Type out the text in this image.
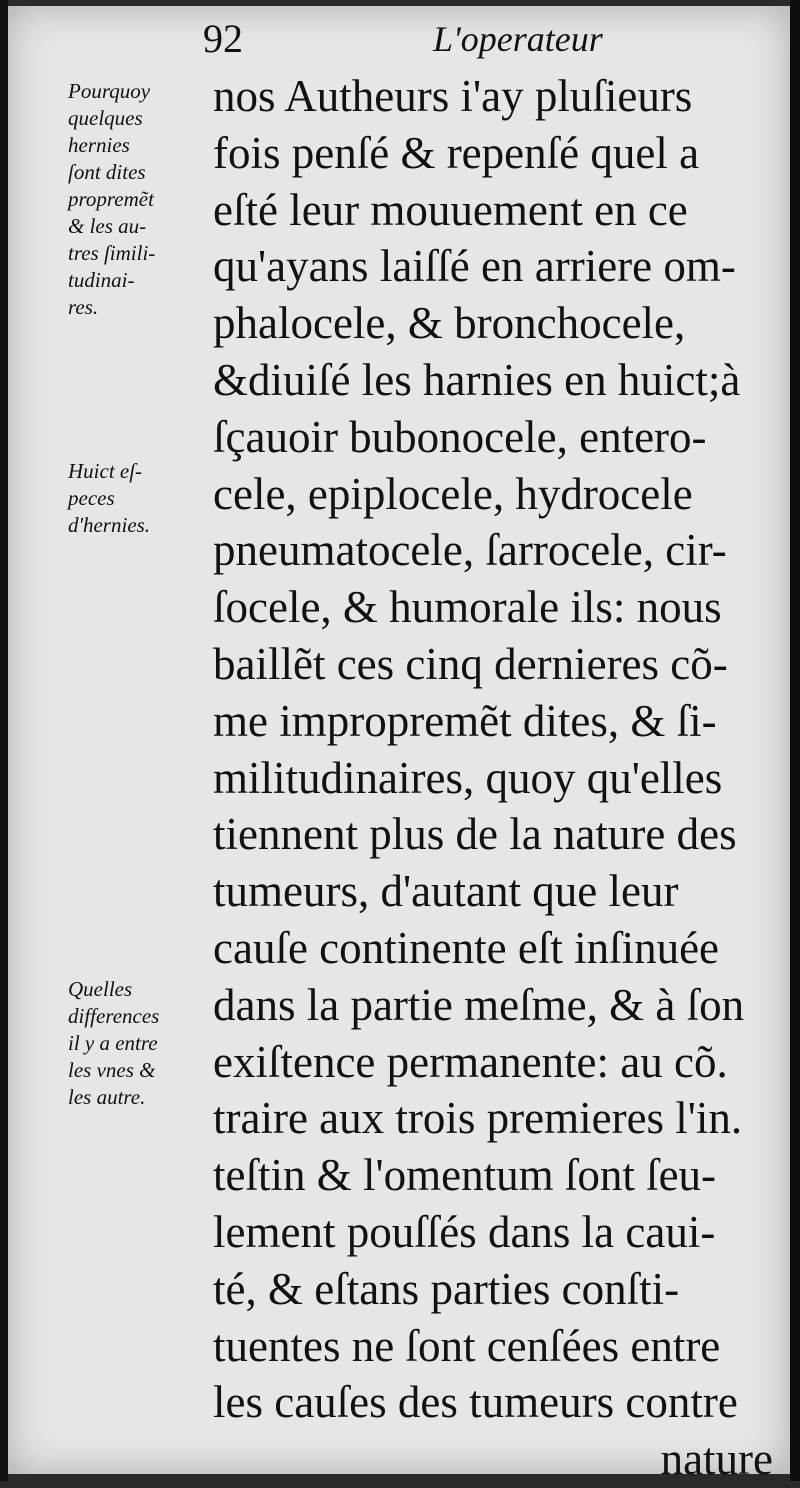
92	L'operateur
Pourquoy
quelques
hernies
ſont dites
propremẽt
& les au-
tres ſimili-
tudinai-
res.
Huict eſ-
peces
d'hernies.
Quelles
differences
il y a entre
les vnes &
les autre.
nos Autheurs i'ay pluſieurs
fois penſé & repenſé quel a
eſté leur mouuement en ce
qu'ayans laiſſé en arriere om-
phalocele, & bronchocele,
&diuiſé les harnies en huict;à
ſçauoir bubonocele, entero-
cele, epiplocele, hydrocele
pneumatocele, ſarrocele, cir-
ſocele, & humorale ils: nous
baillẽt ces cinq dernieres cõ-
me impropremẽt dites, & ſi-
militudinaires, quoy qu'elles
tiennent plus de la nature des
tumeurs, d'autant que leur
cauſe continente eſt inſinuée
dans la partie meſme, & à ſon
exiſtence permanente: au cõ.
traire aux trois premieres l'in.
teſtin & l'omentum ſont ſeu-
lement pouſſés dans la caui-
té, & eſtans parties conſti-
tuentes ne ſont cenſées entre
les cauſes des tumeurs contre
nature
